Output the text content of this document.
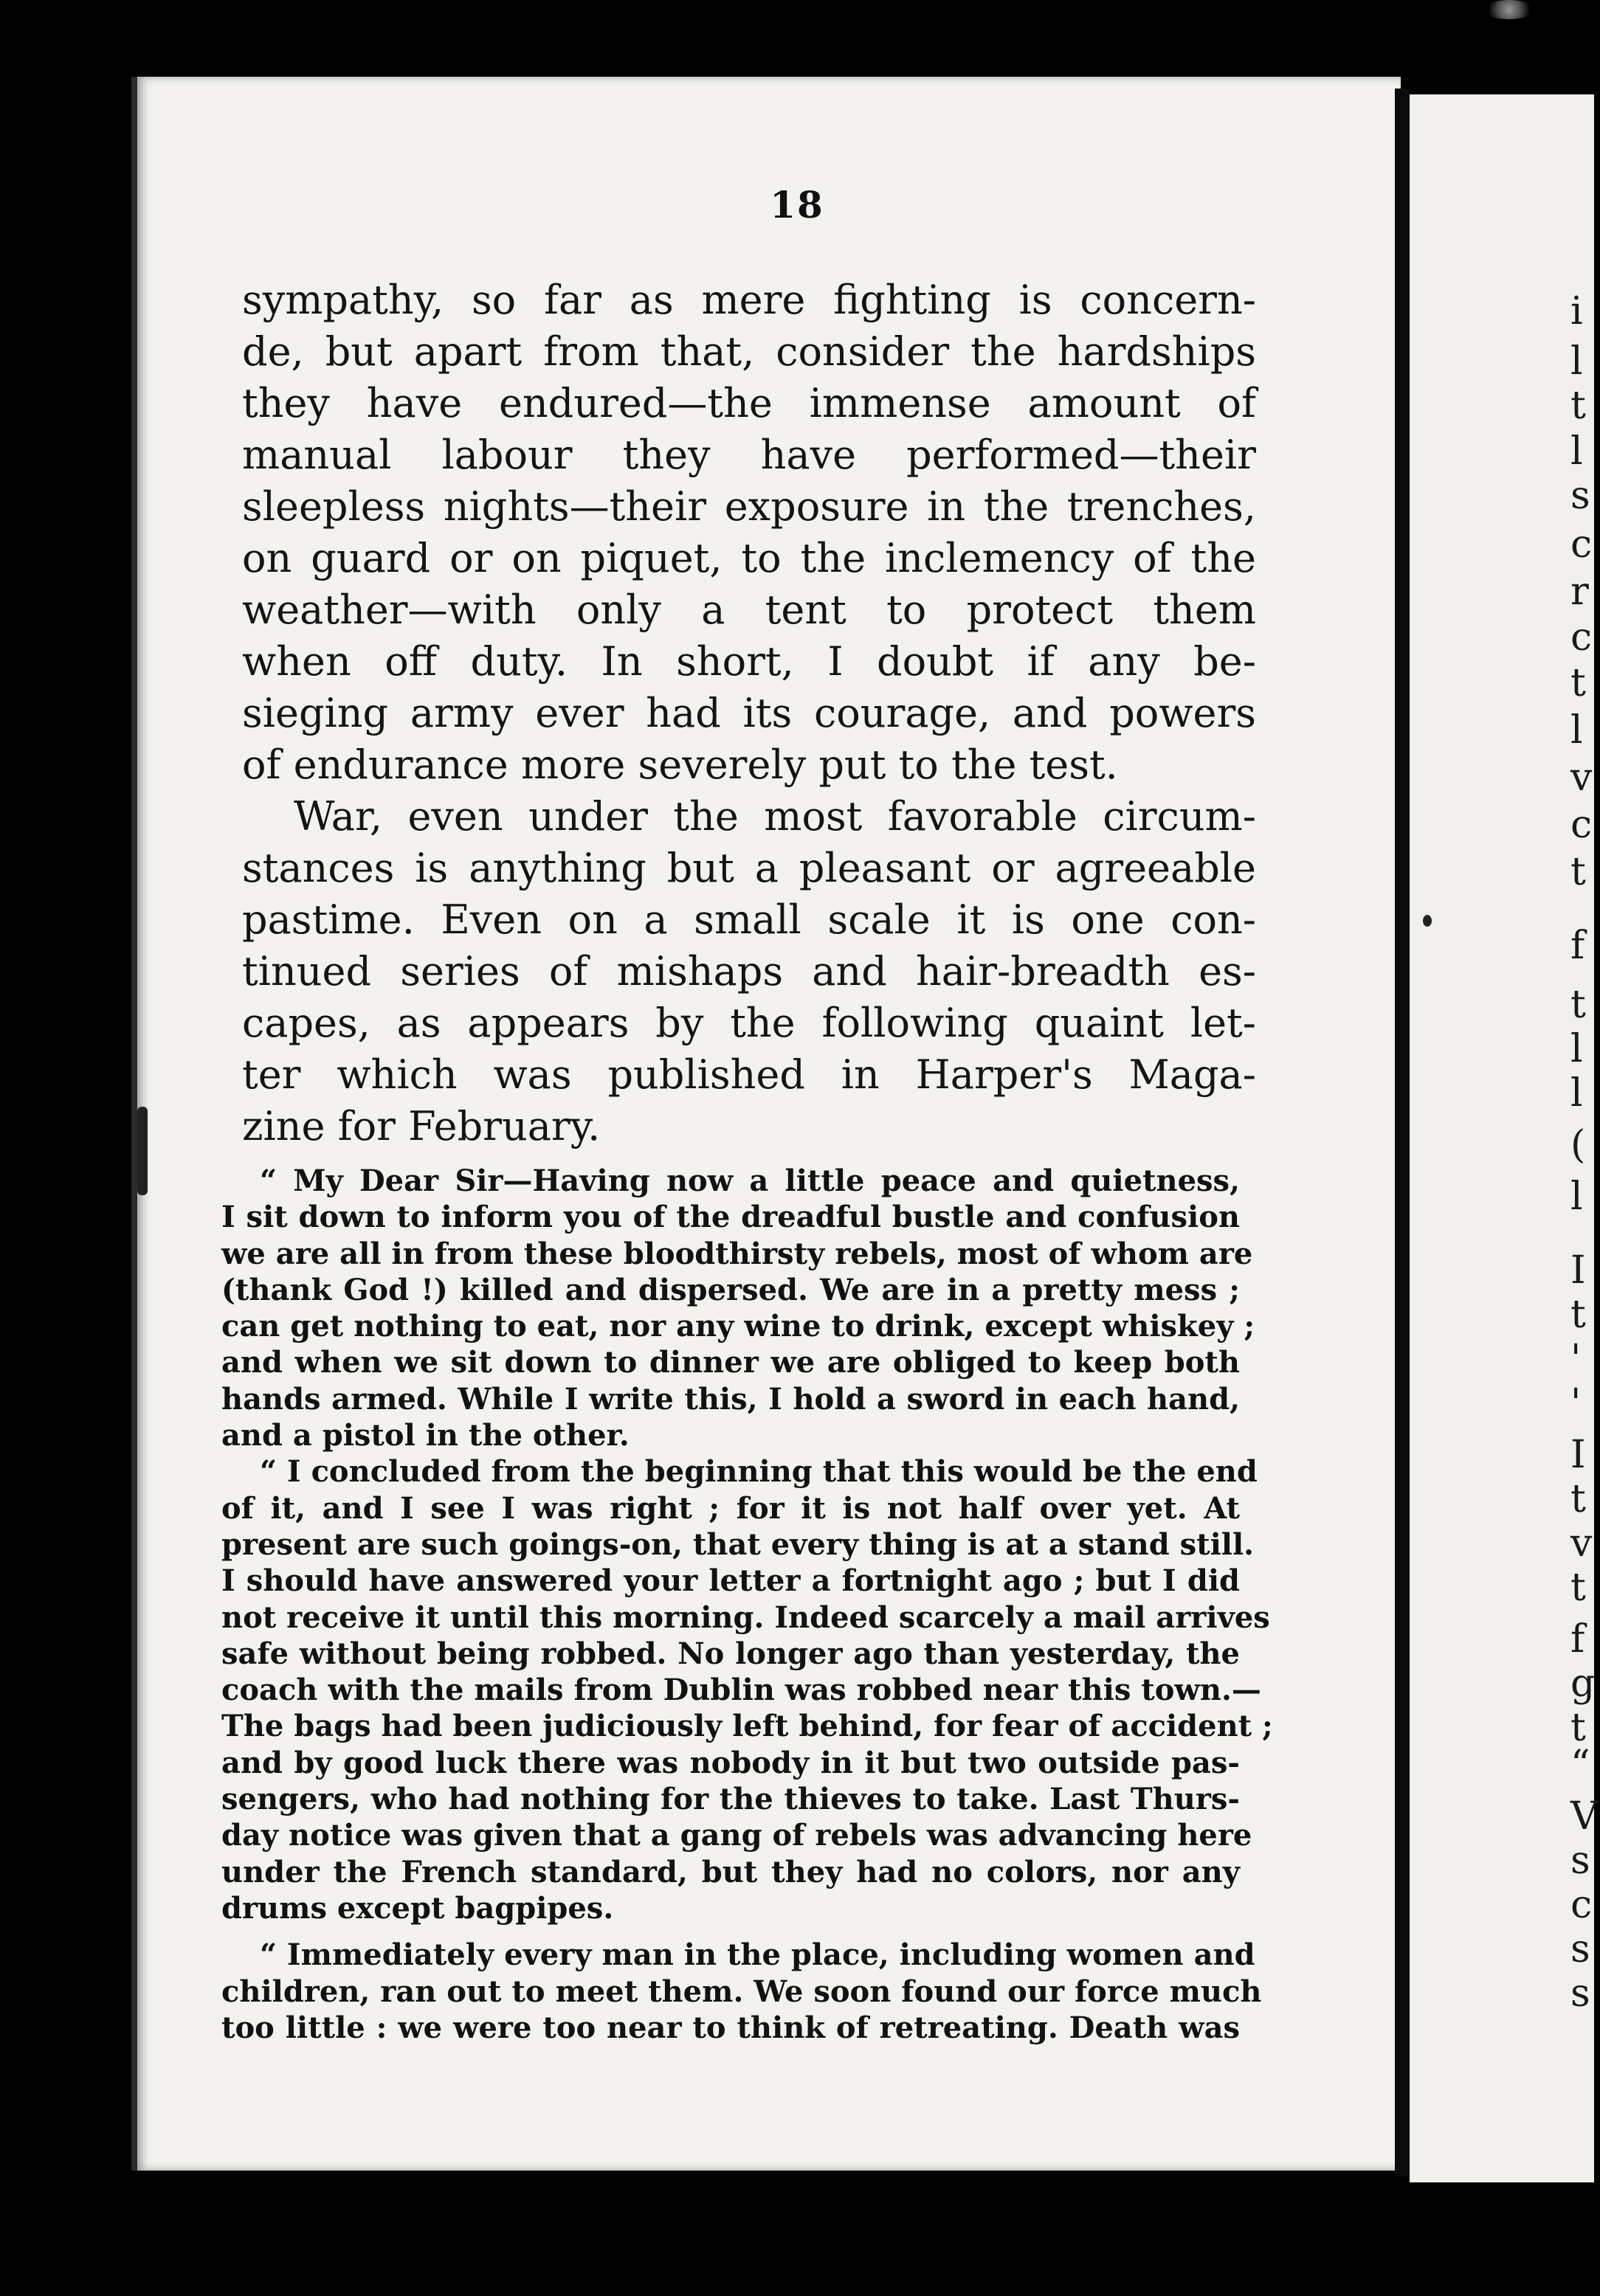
18
sympathy, so far as mere fighting is concern-
de, but apart from that, consider the hardships
they have endured—the immense amount of
manual labour they have performed—their
sleepless nights—their exposure in the trenches,
on guard or on piquet, to the inclemency of the
weather—with only a tent to protect them
when off duty. In short, I doubt if any be-
sieging army ever had its courage, and powers
of endurance more severely put to the test.
War, even under the most favorable circum-
stances is anything but a pleasant or agreeable
pastime. Even on a small scale it is one con-
tinued series of mishaps and hair-breadth es-
capes, as appears by the following quaint let-
ter which was published in Harper's Maga-
zine for February.
“ My Dear Sir—Having now a little peace and quietness,
I sit down to inform you of the dreadful bustle and confusion
we are all in from these bloodthirsty rebels, most of whom are
(thank God !) killed and dispersed. We are in a pretty mess ;
can get nothing to eat, nor any wine to drink, except whiskey ;
and when we sit down to dinner we are obliged to keep both
hands armed. While I write this, I hold a sword in each hand,
and a pistol in the other.
“ I concluded from the beginning that this would be the end
of it, and I see I was right ; for it is not half over yet. At
present are such goings-on, that every thing is at a stand still.
I should have answered your letter a fortnight ago ; but I did
not receive it until this morning. Indeed scarcely a mail arrives
safe without being robbed. No longer ago than yesterday, the
coach with the mails from Dublin was robbed near this town.—
The bags had been judiciously left behind, for fear of accident ;
and by good luck there was nobody in it but two outside pas-
sengers, who had nothing for the thieves to take. Last Thurs-
day notice was given that a gang of rebels was advancing here
under the French standard, but they had no colors, nor any
drums except bagpipes.
“ Immediately every man in the place, including women and
children, ran out to meet them. We soon found our force much
too little : we were too near to think of retreating. Death was
i
l
t
l
s
c
r
c
t
l
v
c
t
f
t
l
l
(
l
I
t
'
'
I
t
v
t
f
g
t
“
V
s
c
s
s
